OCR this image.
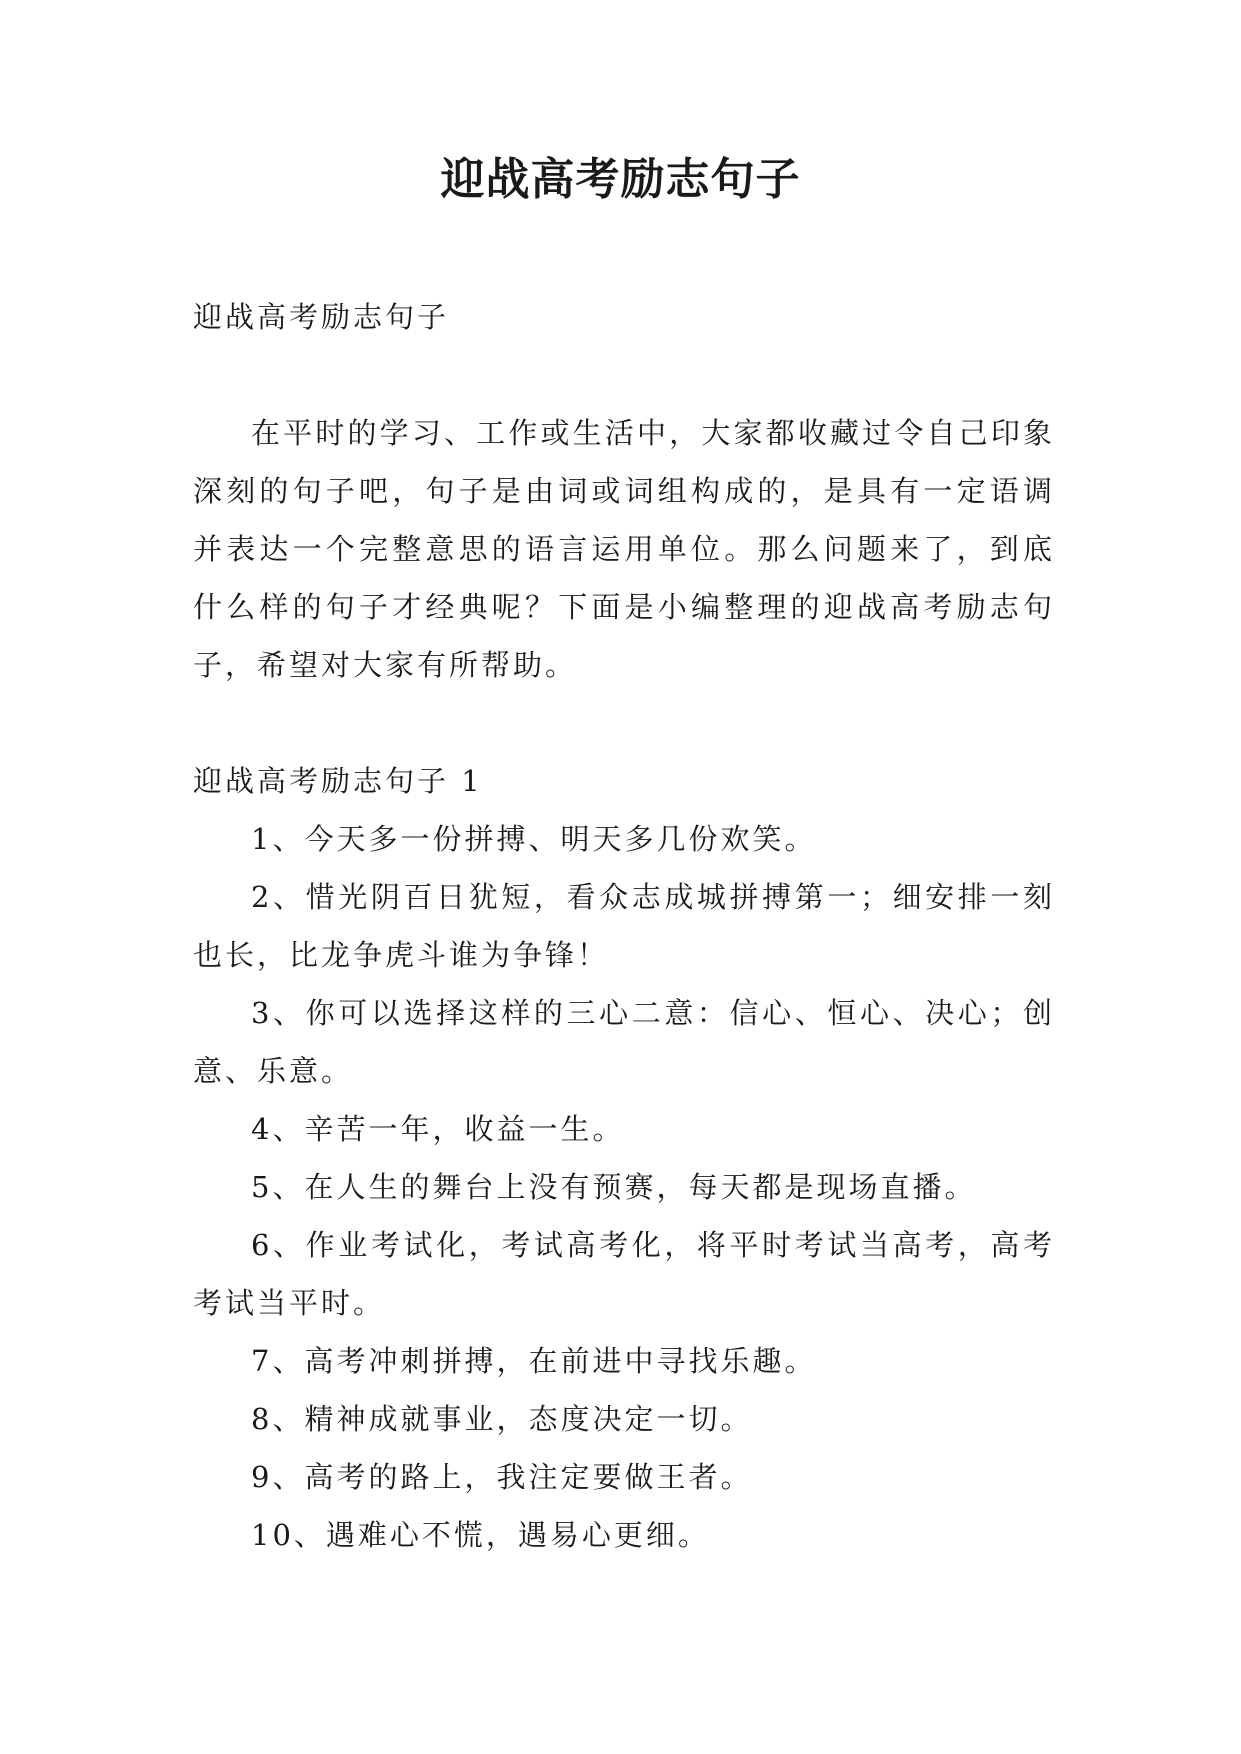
迎战高考励志句子

迎战高考励志句子

在平时的学习、工作或生活中，大家都收藏过令自己印象深刻的句子吧，句子是由词或词组构成的，是具有一定语调并表达一个完整意思的语言运用单位。那么问题来了，到底什么样的句子才经典呢？下面是小编整理的迎战高考励志句子，希望对大家有所帮助。

迎战高考励志句子 1

1、今天多一份拼搏、明天多几份欢笑。
2、惜光阴百日犹短，看众志成城拼搏第一；细安排一刻也长，比龙争虎斗谁为争锋！
3、你可以选择这样的三心二意：信心、恒心、决心；创意、乐意。
4、辛苦一年，收益一生。
5、在人生的舞台上没有预赛，每天都是现场直播。
6、作业考试化，考试高考化，将平时考试当高考，高考考试当平时。
7、高考冲刺拼搏，在前进中寻找乐趣。
8、精神成就事业，态度决定一切。
9、高考的路上，我注定要做王者。
10、遇难心不慌，遇易心更细。
